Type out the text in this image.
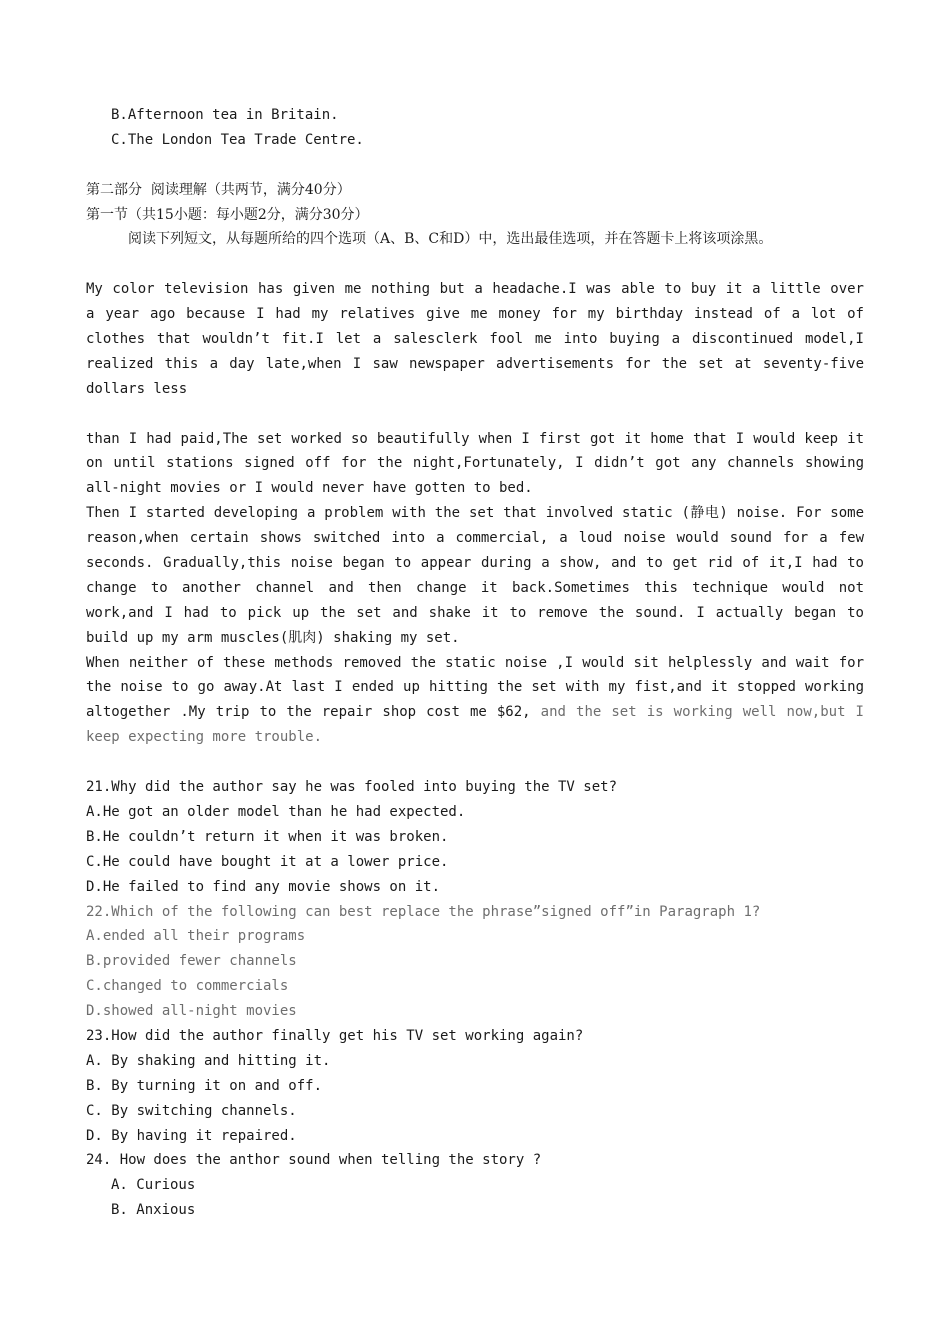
B.Afternoon tea in Britain.
C.The London Tea Trade Centre.
第二部分  阅读理解（共两节，满分40分）
第一节（共15小题：每小题2分，满分30分）
阅读下列短文，从每题所给的四个选项（A、B、C和D）中，选出最佳选项，并在答题卡上将该项涂黑。
My color television has given me nothing but a headache.I was able to buy it a little over
a year ago because I had my relatives give me money for my birthday instead of a lot of
clothes that wouldn’t fit.I let a salesclerk fool me into buying a discontinued model,I
realized this a day late,when I saw newspaper advertisements for the set at seventy-five
dollars less
than I had paid,The set worked so beautifully when I first got it home that I would keep it
on until stations signed off for the night,Fortunately, I didn’t got any channels showing
all-night movies or I would never have gotten to bed.
Then I started developing a problem with the set that involved static (静电) noise. For some
reason,when certain shows switched into a commercial, a loud noise would sound for a few
seconds. Gradually,this noise began to appear during a show, and to get rid of it,I had to
change to another channel and then change it back.Sometimes this technique would not
work,and I had to pick up the set and shake it to remove the sound. I actually began to
build up my arm muscles(肌肉) shaking my set.
When neither of these methods removed the static noise ,I would sit helplessly and wait for
the noise to go away.At last I ended up hitting the set with my fist,and it stopped working
altogether .My trip to the repair shop cost me $62, and the set is working well now,but I
keep expecting more trouble.
21.Why did the author say he was fooled into buying the TV set?
A.He got an older model than he had expected.
B.He couldn’t return it when it was broken.
C.He could have bought it at a lower price.
D.He failed to find any movie shows on it.
22.Which of the following can best replace the phrase”signed off”in Paragraph 1?
A.ended all their programs
B.provided fewer channels
C.changed to commercials
D.showed all-night movies
23.How did the author finally get his TV set working again?
A. By shaking and hitting it.
B. By turning it on and off.
C. By switching channels.
D. By having it repaired.
24. How does the anthor sound when telling the story ?
A. Curious
B. Anxious
